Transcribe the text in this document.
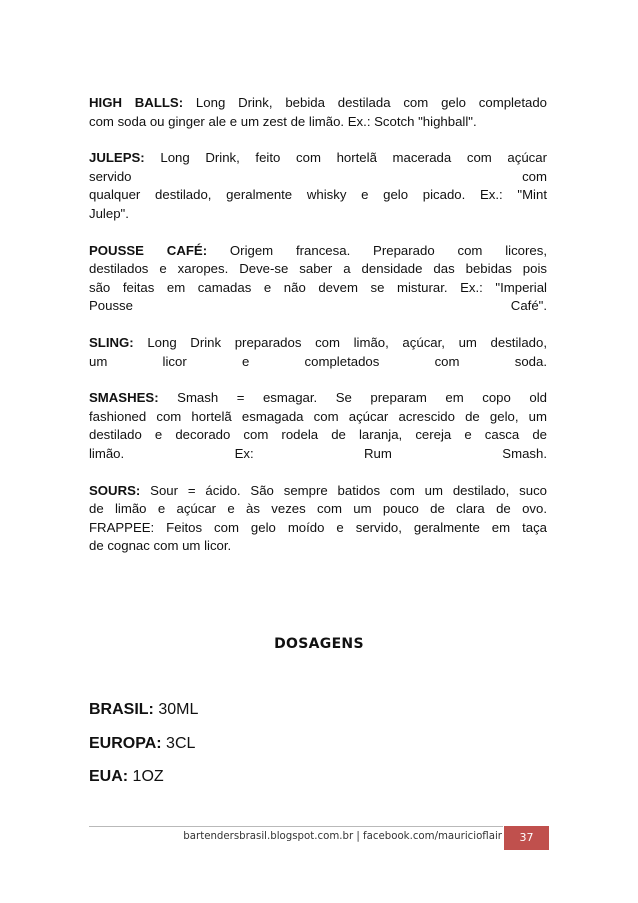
HIGH BALLS: Long Drink, bebida destilada com gelo completado
com soda ou ginger ale e um zest de limão. Ex.: Scotch "highball".

JULEPS: Long Drink, feito com hortelã macerada com açúcar
servido com
qualquer destilado, geralmente whisky e gelo picado. Ex.: "Mint
Julep".

POUSSE CAFÉ: Origem francesa. Preparado com licores,
destilados e xaropes. Deve-se saber a densidade das bebidas pois
são feitas em camadas e não devem se misturar. Ex.: "Imperial
Pousse Café".

SLING: Long Drink preparados com limão, açúcar, um destilado,
um licor e completados com soda.

SMASHES: Smash = esmagar. Se preparam em copo old
fashioned com hortelã esmagada com açúcar acrescido de gelo, um
destilado e decorado com rodela de laranja, cereja e casca de
limão. Ex: Rum Smash.

SOURS: Sour = ácido. São sempre batidos com um destilado, suco
de limão e açúcar e às vezes com um pouco de clara de ovo.
FRAPPEE: Feitos com gelo moído e servido, geralmente em taça
de cognac com um licor.

DOSAGENS
BRASIL: 30ML
EUROPA: 3CL
EUA: 1OZ
bartendersbrasil.blogspot.com.br | facebook.com/mauricioflair	37
